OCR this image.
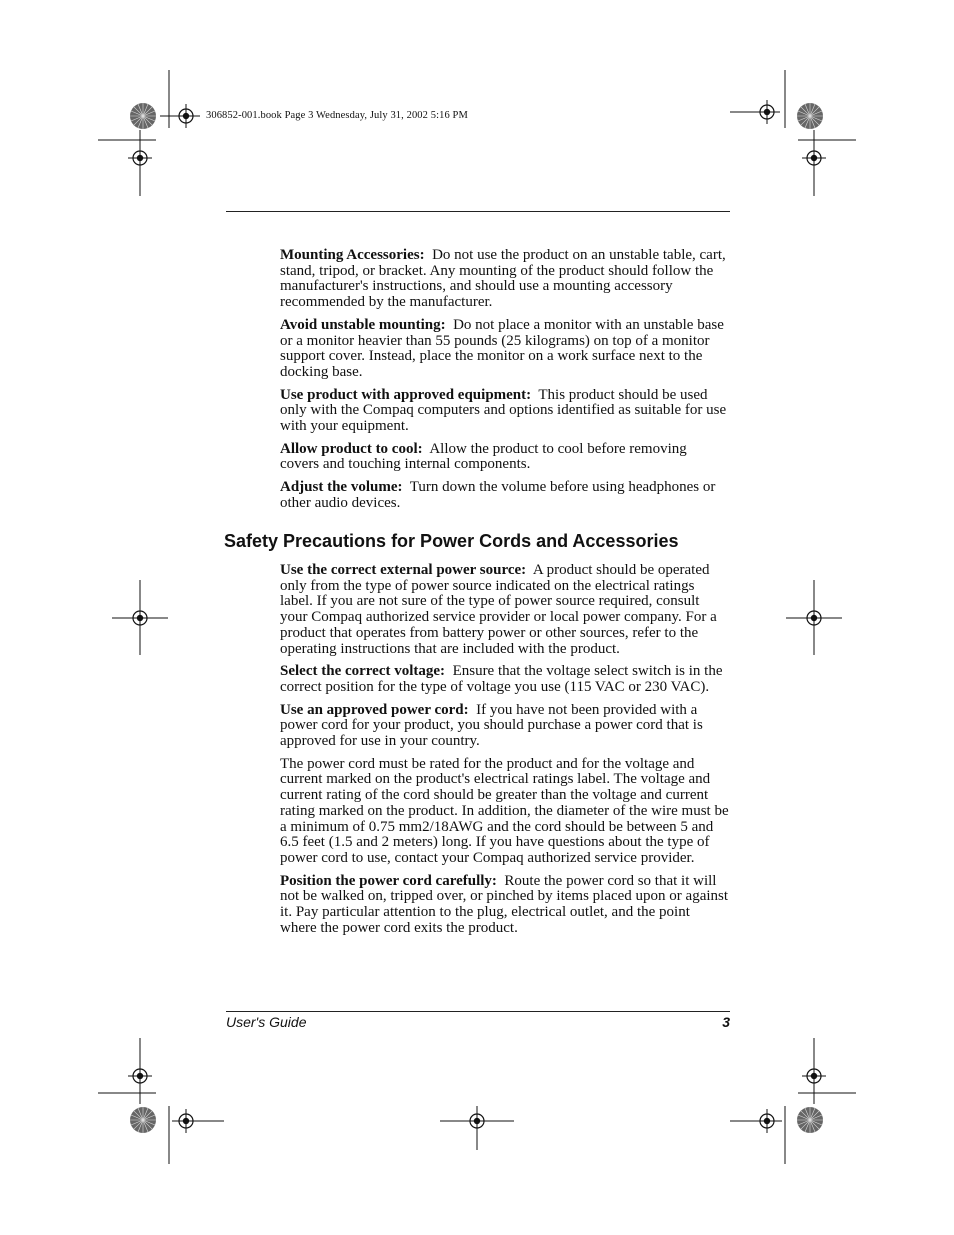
306852-001.book Page 3 Wednesday, July 31, 2002 5:16 PM

Mounting Accessories: Do not use the product on an unstable table, cart, stand, tripod, or bracket. Any mounting of the product should follow the manufacturer's instructions, and should use a mounting accessory recommended by the manufacturer.

Avoid unstable mounting: Do not place a monitor with an unstable base or a monitor heavier than 55 pounds (25 kilograms) on top of a monitor support cover. Instead, place the monitor on a work surface next to the docking base.

Use product with approved equipment: This product should be used only with the Compaq computers and options identified as suitable for use with your equipment.

Allow product to cool: Allow the product to cool before removing covers and touching internal components.

Adjust the volume: Turn down the volume before using headphones or other audio devices.

Safety Precautions for Power Cords and Accessories

Use the correct external power source: A product should be operated only from the type of power source indicated on the electrical ratings label. If you are not sure of the type of power source required, consult your Compaq authorized service provider or local power company. For a product that operates from battery power or other sources, refer to the operating instructions that are included with the product.

Select the correct voltage: Ensure that the voltage select switch is in the correct position for the type of voltage you use (115 VAC or 230 VAC).

Use an approved power cord: If you have not been provided with a power cord for your product, you should purchase a power cord that is approved for use in your country.

The power cord must be rated for the product and for the voltage and current marked on the product's electrical ratings label. The voltage and current rating of the cord should be greater than the voltage and current rating marked on the product. In addition, the diameter of the wire must be a minimum of 0.75 mm2/18AWG and the cord should be between 5 and 6.5 feet (1.5 and 2 meters) long. If you have questions about the type of power cord to use, contact your Compaq authorized service provider.

Position the power cord carefully: Route the power cord so that it will not be walked on, tripped over, or pinched by items placed upon or against it. Pay particular attention to the plug, electrical outlet, and the point where the power cord exits the product.

User's Guide	3
